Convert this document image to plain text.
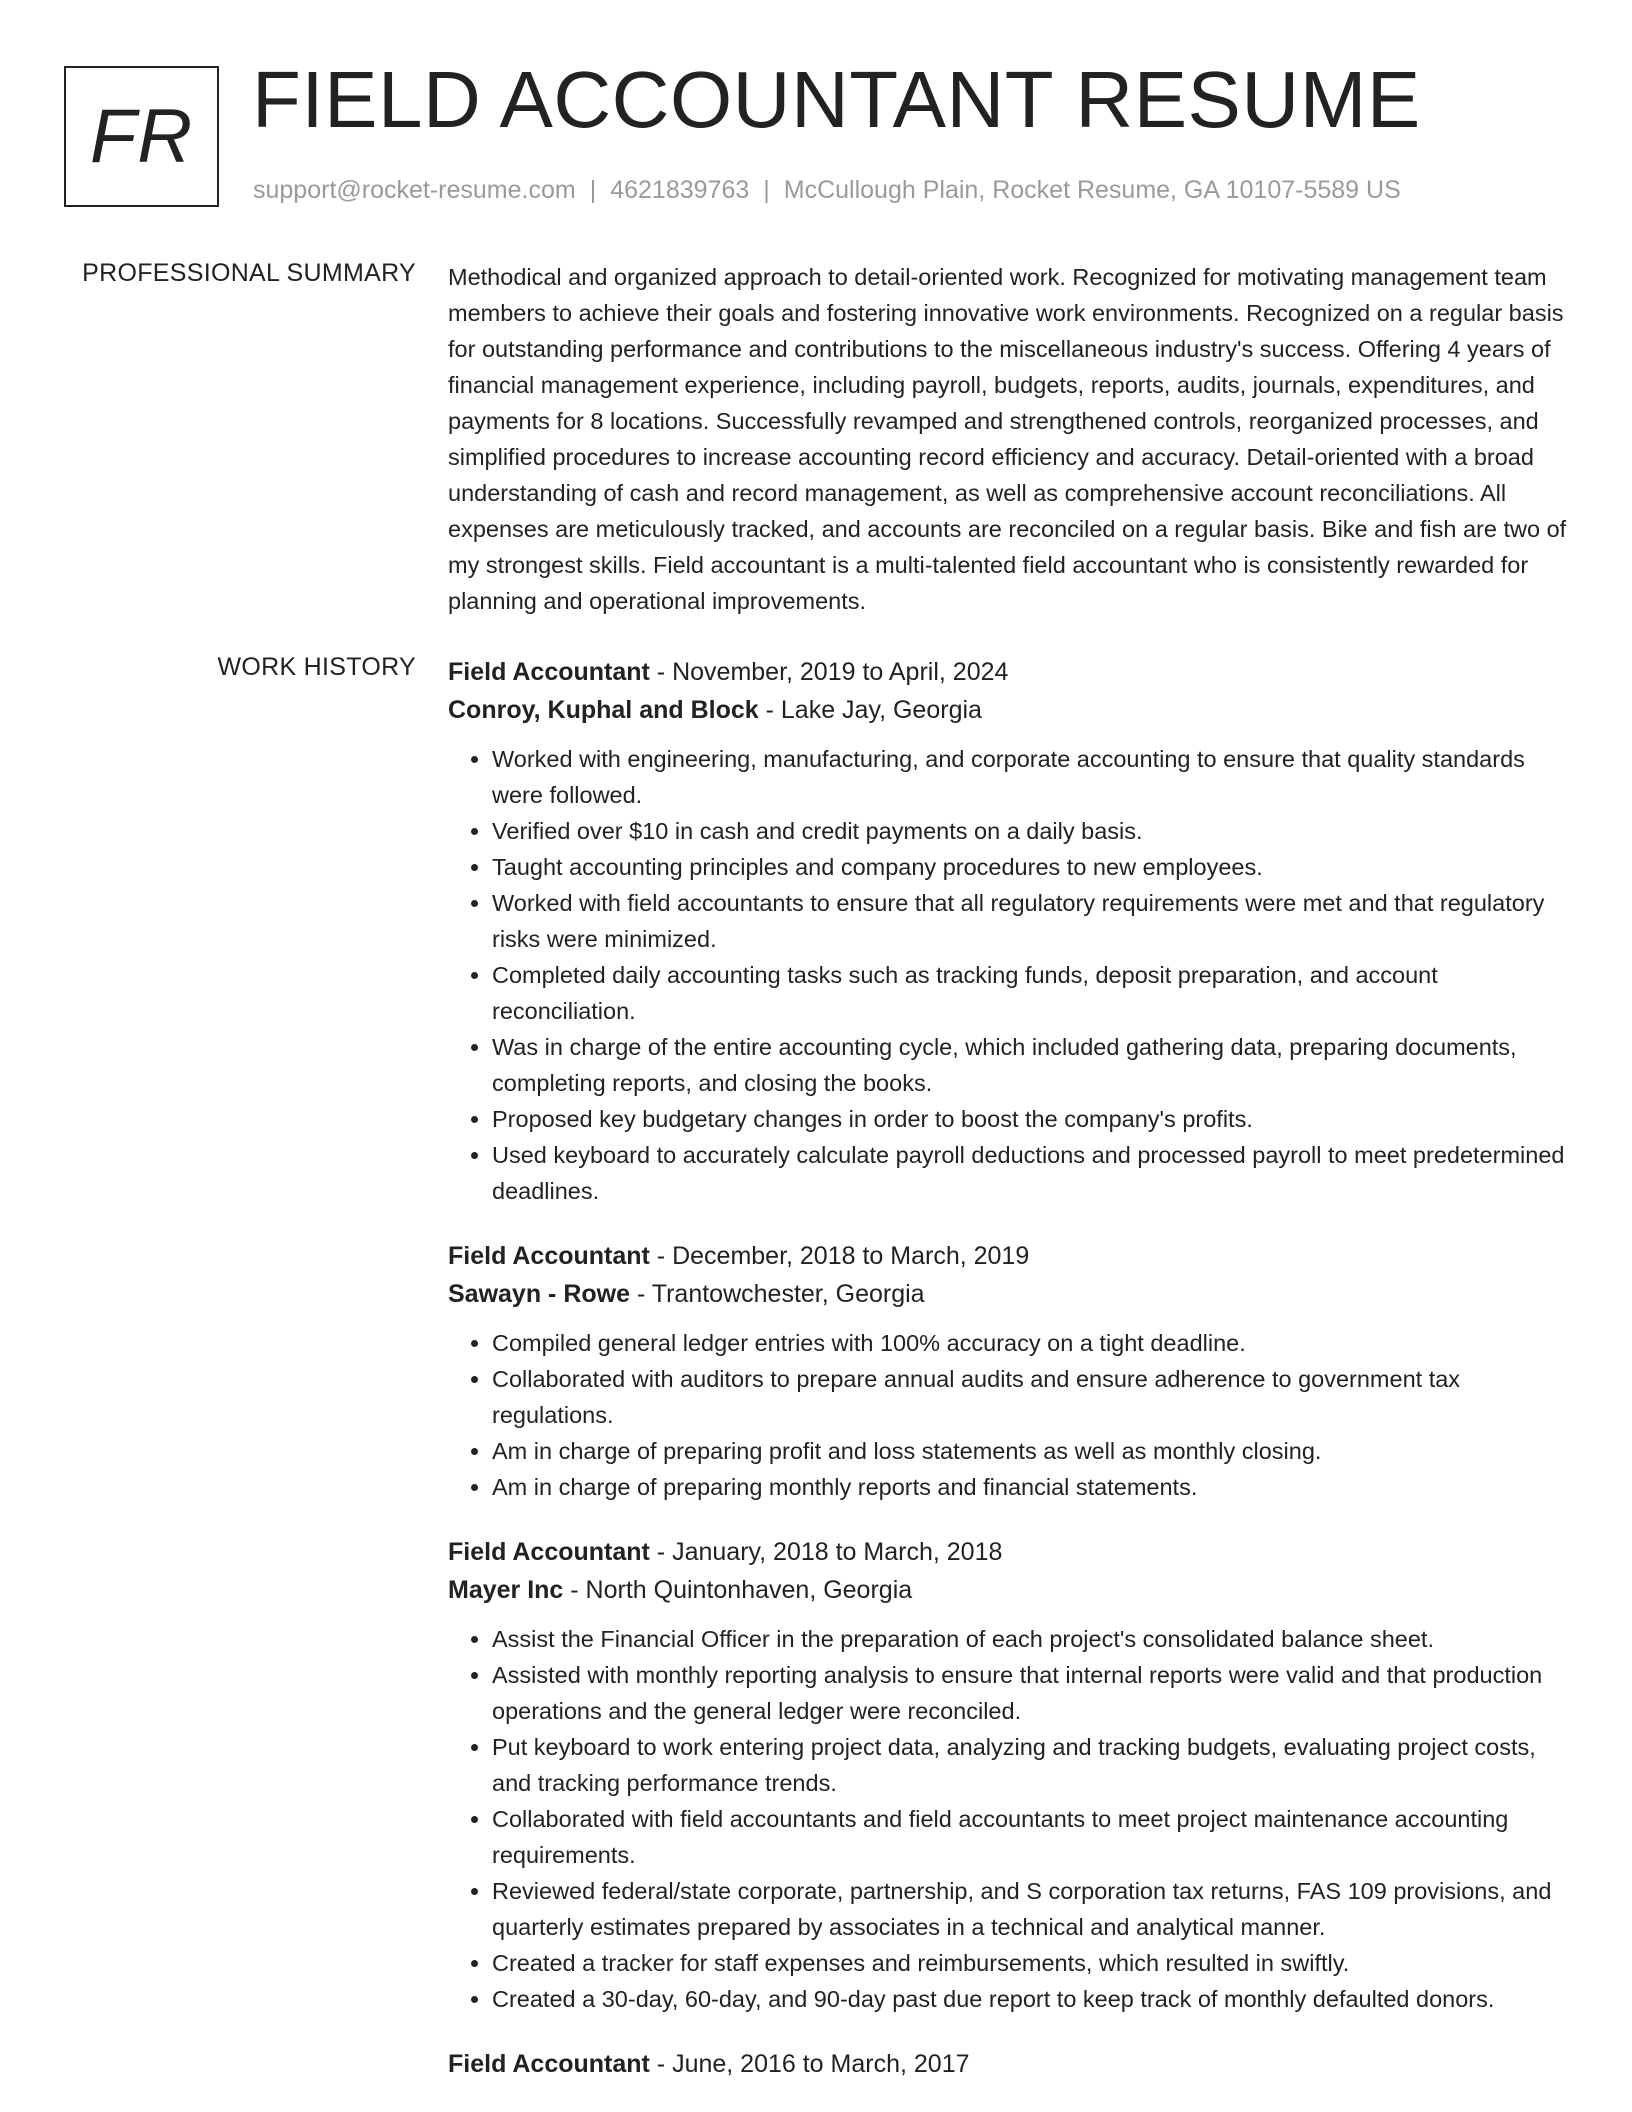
FR FIELD ACCOUNTANT RESUME
support@rocket-resume.com | 4621839763 | McCullough Plain, Rocket Resume, GA 10107-5589 US
PROFESSIONAL SUMMARY Methodical and organized approach to detail-oriented work. Recognized for motivating management team members to achieve their goals and fostering innovative work environments. Recognized on a regular basis for outstanding performance and contributions to the miscellaneous industry's success. Offering 4 years of financial management experience, including payroll, budgets, reports, audits, journals, expenditures, and payments for 8 locations. Successfully revamped and strengthened controls, reorganized processes, and simplified procedures to increase accounting record efficiency and accuracy. Detail-oriented with a broad understanding of cash and record management, as well as comprehensive account reconciliations. All expenses are meticulously tracked, and accounts are reconciled on a regular basis. Bike and fish are two of my strongest skills. Field accountant is a multi-talented field accountant who is consistently rewarded for planning and operational improvements.
WORK HISTORY Field Accountant - November, 2019 to April, 2024
Conroy, Kuphal and Block - Lake Jay, Georgia
• Worked with engineering, manufacturing, and corporate accounting to ensure that quality standards were followed.
• Verified over $10 in cash and credit payments on a daily basis.
• Taught accounting principles and company procedures to new employees.
• Worked with field accountants to ensure that all regulatory requirements were met and that regulatory risks were minimized.
• Completed daily accounting tasks such as tracking funds, deposit preparation, and account reconciliation.
• Was in charge of the entire accounting cycle, which included gathering data, preparing documents, completing reports, and closing the books.
• Proposed key budgetary changes in order to boost the company's profits.
• Used keyboard to accurately calculate payroll deductions and processed payroll to meet predetermined deadlines.
Field Accountant - December, 2018 to March, 2019
Sawayn - Rowe - Trantowchester, Georgia
• Compiled general ledger entries with 100% accuracy on a tight deadline.
• Collaborated with auditors to prepare annual audits and ensure adherence to government tax regulations.
• Am in charge of preparing profit and loss statements as well as monthly closing.
• Am in charge of preparing monthly reports and financial statements.
Field Accountant - January, 2018 to March, 2018
Mayer Inc - North Quintonhaven, Georgia
• Assist the Financial Officer in the preparation of each project's consolidated balance sheet.
• Assisted with monthly reporting analysis to ensure that internal reports were valid and that production operations and the general ledger were reconciled.
• Put keyboard to work entering project data, analyzing and tracking budgets, evaluating project costs, and tracking performance trends.
• Collaborated with field accountants and field accountants to meet project maintenance accounting requirements.
• Reviewed federal/state corporate, partnership, and S corporation tax returns, FAS 109 provisions, and quarterly estimates prepared by associates in a technical and analytical manner.
• Created a tracker for staff expenses and reimbursements, which resulted in swiftly.
• Created a 30-day, 60-day, and 90-day past due report to keep track of monthly defaulted donors.
Field Accountant - June, 2016 to March, 2017
